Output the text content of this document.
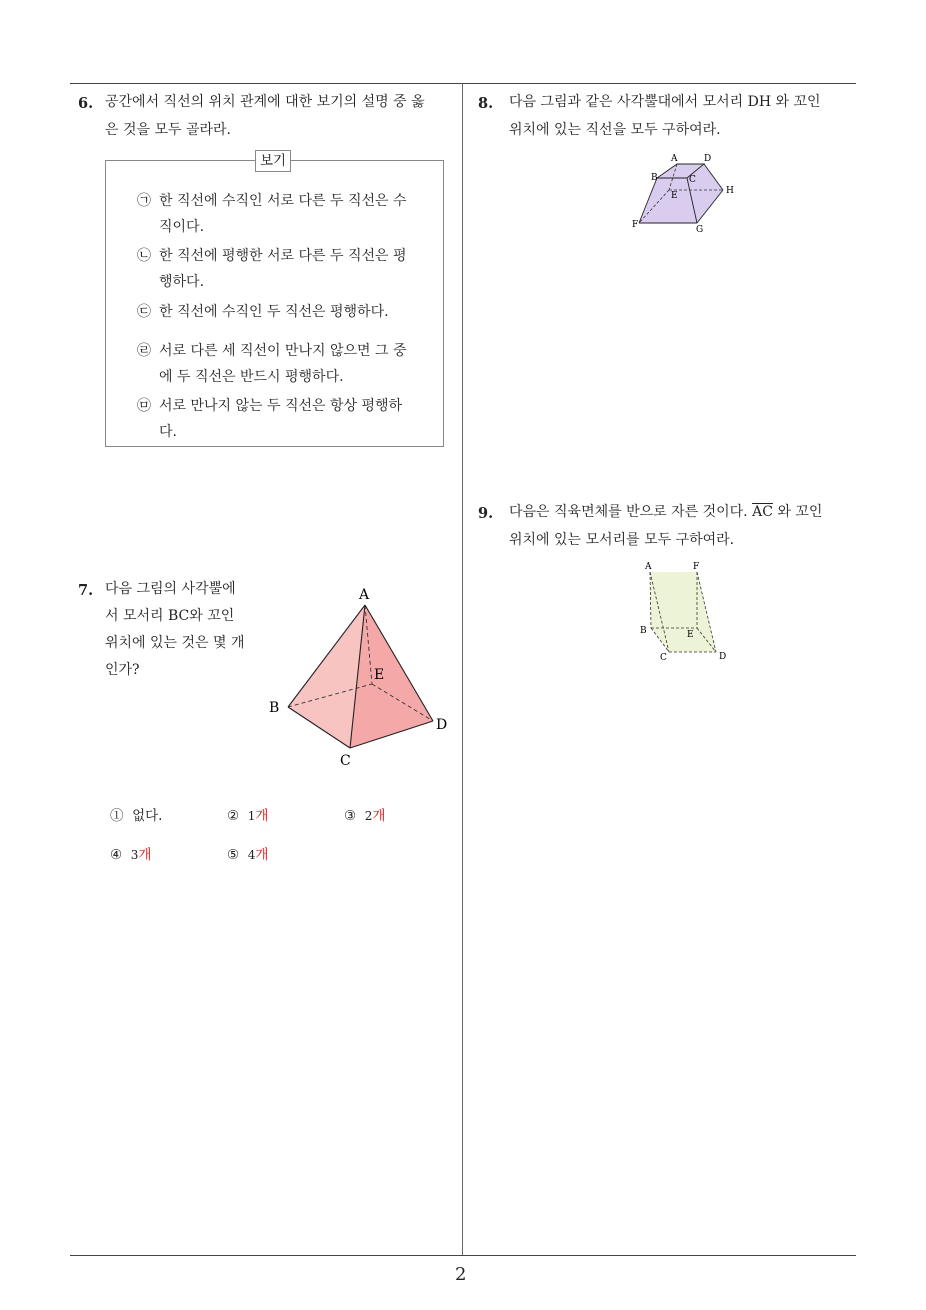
2
6. 공간에서 직선의 위치 관계에 대한 보기의 설명 중 옳
은 것을 모두 골라라.
보기
㉠ 한 직선에 수직인 서로 다른 두 직선은 수
직이다.
㉡ 한 직선에 평행한 서로 다른 두 직선은 평
행하다.
㉢ 한 직선에 수직인 두 직선은 평행하다.
㉣ 서로 다른 세 직선이 만나지 않으면 그 중
에 두 직선은 반드시 평행하다.
㉤ 서로 만나지 않는 두 직선은 항상 평행하
다.
7. 다음 그림의 사각뿔에
서 모서리 BC와 꼬인
위치에 있는 것은 몇 개
인가?
A
B
C
D
E
① 없다.	② 1개	③ 2개
④ 3개	⑤ 4개
8. 다음 그림과 같은 사각뿔대에서 모서리 DH 와 꼬인
위치에 있는 직선을 모두 구하여라.
A
B	C
D
E
F	G
H
9. 다음은 직육면체를 반으로 자른 것이다. $\overline{AC}$ 와 꼬인
위치에 있는 모서리를 모두 구하여라.
A
B
C	D
E
F
